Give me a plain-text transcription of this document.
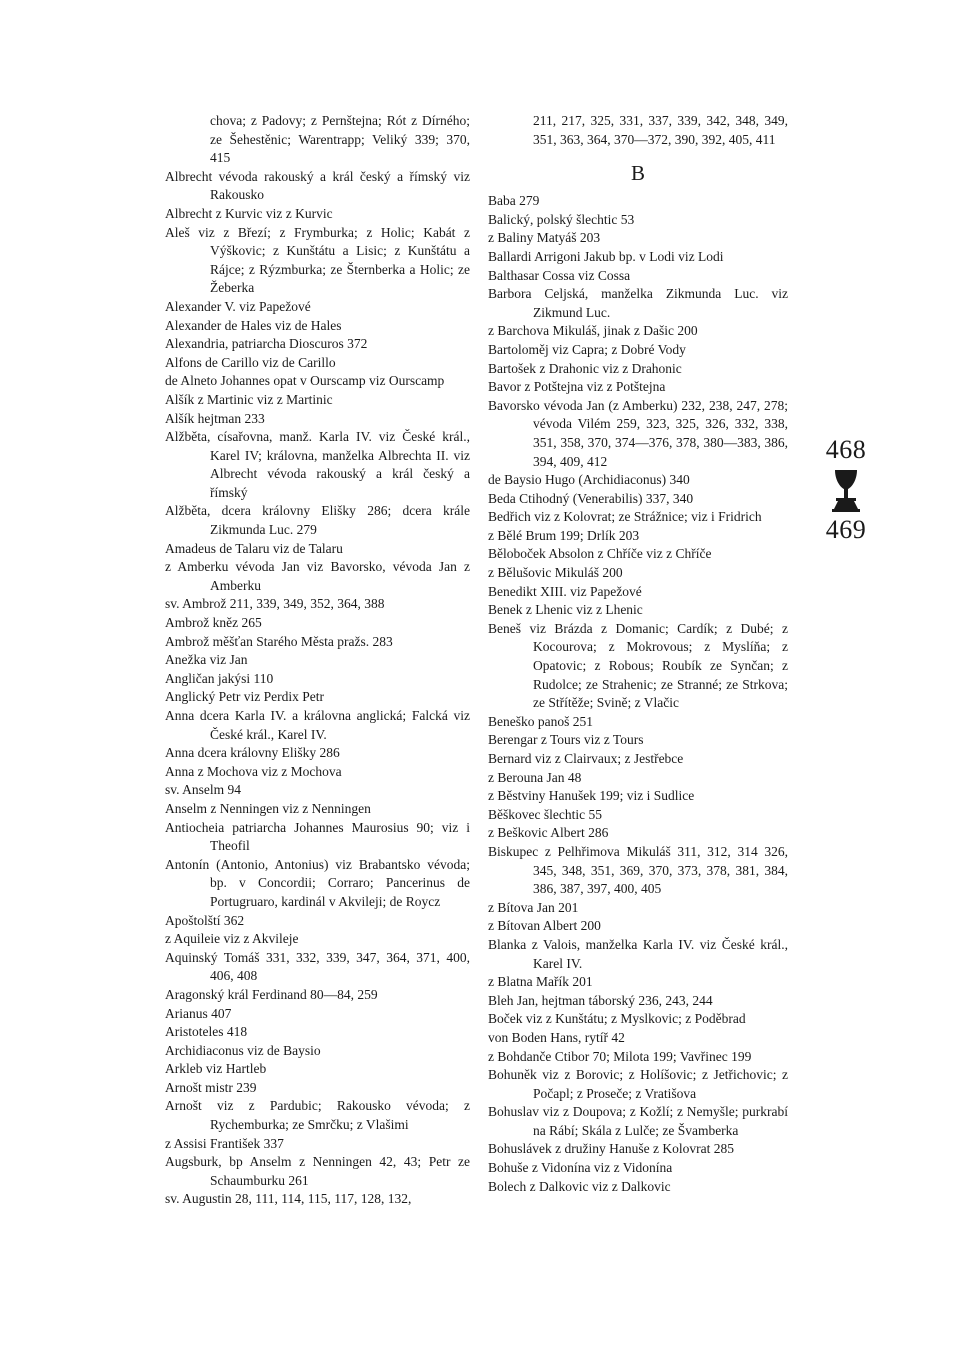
chova; z Padovy; z Pernštejna; Rót z Dírného; ze Šehestěnic; Warentrapp; Veliký 339; 370, 415

Albrecht vévoda rakouský a král český a římský viz Rakousko

Albrecht z Kurvic viz z Kurvic

Aleš viz z Březí; z Frymburka; z Holic; Kabát z Výškovic; z Kunštátu a Lisic; z Kunštátu a Rájce; z Rýzmburka; ze Šternberka a Holic; ze Žeberka

Alexander V. viz Papežové

Alexander de Hales viz de Hales

Alexandria, patriarcha Dioscuros 372

Alfons de Carillo viz de Carillo

de Alneto Johannes opat v Ourscamp viz Ourscamp

Alšík z Martinic viz z Martinic

Alšík hejtman 233

Alžběta, císařovna, manž. Karla IV. viz České král., Karel IV; královna, manželka Albrechta II. viz Albrecht vévoda rakouský a král český a římský

Alžběta, dcera královny Elišky 286; dcera krále Zikmunda Luc. 279

Amadeus de Talaru viz de Talaru

z Amberku vévoda Jan viz Bavorsko, vévoda Jan z Amberku

sv. Ambrož 211, 339, 349, 352, 364, 388

Ambrož kněz 265

Ambrož měšťan Starého Města pražs. 283

Anežka viz Jan

Angličan jakýsi 110

Anglický Petr viz Perdix Petr

Anna dcera Karla IV. a královna anglická; Falcká viz České král., Karel IV.

Anna dcera královny Elišky 286

Anna z Mochova viz z Mochova

sv. Anselm 94

Anselm z Nenningen viz z Nenningen

Antiocheia patriarcha Johannes Maurosius 90; viz i Theofil

Antonín (Antonio, Antonius) viz Brabantsko vévoda; bp. v Concordii; Corraro; Pancerinus de Portugruaro, kardinál v Akvileji; de Roycz

Apoštolští 362

z Aquileie viz z Akvileje

Aquinský Tomáš 331, 332, 339, 347, 364, 371, 400, 406, 408

Aragonský král Ferdinand 80—84, 259

Arianus 407

Aristoteles 418

Archidiaconus viz de Baysio

Arkleb viz Hartleb

Arnošt mistr 239

Arnošt viz z Pardubic; Rakousko vévoda; z Rychemburka; ze Smrčku; z Vlašimi

z Assisi František 337

Augsburk, bp Anselm z Nenningen 42, 43; Petr ze Schaumburku 261

sv. Augustin 28, 111, 114, 115, 117, 128, 132,

211, 217, 325, 331, 337, 339, 342, 348, 349, 351, 363, 364, 370—372, 390, 392, 405, 411

B

Baba 279

Balický, polský šlechtic 53

z Baliny Matyáš 203

Ballardi Arrigoni Jakub bp. v Lodi viz Lodi

Balthasar Cossa viz Cossa

Barbora Celjská, manželka Zikmunda Luc. viz Zikmund Luc.

z Barchova Mikuláš, jinak z Dašic 200

Bartoloměj viz Capra; z Dobré Vody

Bartošek z Drahonic viz z Drahonic

Bavor z Potštejna viz z Potštejna

Bavorsko vévoda Jan (z Amberku) 232, 238, 247, 278; vévoda Vilém 259, 323, 325, 326, 332, 338, 351, 358, 370, 374—376, 378, 380—383, 386, 394, 409, 412

de Baysio Hugo (Archidiaconus) 340

Beda Ctihodný (Venerabilis) 337, 340

Bedřich viz z Kolovrat; ze Strážnice; viz i Fridrich

z Bělé Brum 199; Drlík 203

Běloboček Absolon z Chříče viz z Chříče

z Bělušovic Mikuláš 200

Benedikt XIII. viz Papežové

Benek z Lhenic viz z Lhenic

Beneš viz Brázda z Domanic; Cardík; z Dubé; z Kocourova; z Mokrovous; z Myslíňa; z Opatovic; z Robous; Roubík ze Synčan; z Rudolce; ze Strahenic; ze Stranné; ze Strkova; ze Střítěže; Svině; z Vlačic

Beneško panoš 251

Berengar z Tours viz z Tours

Bernard viz z Clairvaux; z Jestřebce

z Berouna Jan 48

z Běstviny Hanušek 199; viz i Sudlice

Běškovec šlechtic 55

z Beškovic Albert 286

Biskupec z Pelhřimova Mikuláš 311, 312, 314 326, 345, 348, 351, 369, 370, 373, 378, 381, 384, 386, 387, 397, 400, 405

z Bítova Jan 201

z Bítovan Albert 200

Blanka z Valois, manželka Karla IV. viz České král., Karel IV.

z Blatna Mařík 201

Bleh Jan, hejtman táborský 236, 243, 244

Boček viz z Kunštátu; z Myslkovic; z Poděbrad

von Boden Hans, rytíř 42

z Bohdanče Ctibor 70; Milota 199; Vavřinec 199

Bohuněk viz z Borovic; z Holíšovic; z Jetřichovic; z Počapl; z Proseče; z Vratišova

Bohuslav viz z Doupova; z Kožlí; z Nemyšle; purkrabí na Rábí; Skála z Lulče; ze Švamberka

Bohuslávek z družiny Hanuše z Kolovrat 285

Bohuše z Vidonína viz z Vidonína

Bolech z Dalkovic viz z Dalkovic

468
469
